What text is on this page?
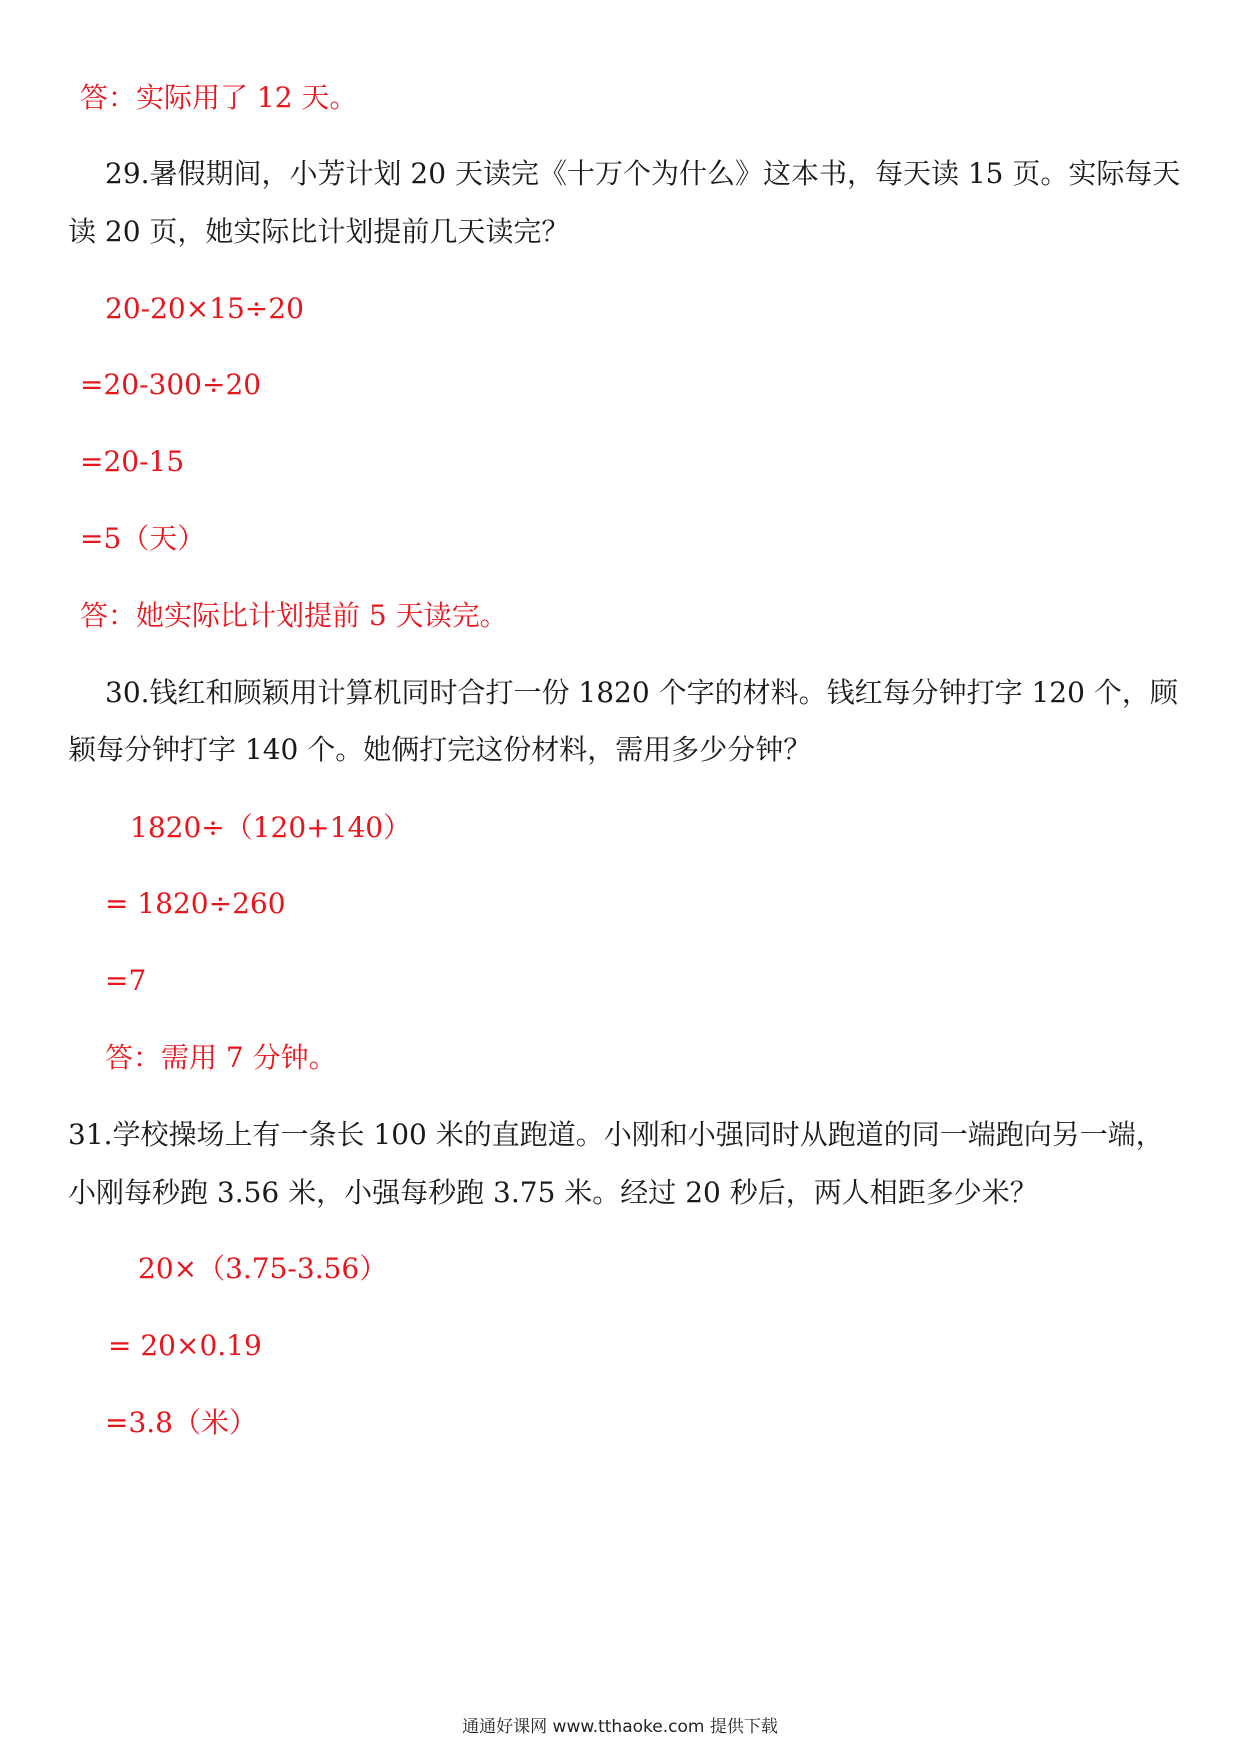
答：实际用了 12 天。
29.暑假期间，小芳计划 20 天读完《十万个为什么》这本书，每天读 15 页。实际每天
读 20 页，她实际比计划提前几天读完？
20-20×15÷20
=20-300÷20
=20-15
=5（天）
答：她实际比计划提前 5 天读完。
30.钱红和顾颖用计算机同时合打一份 1820 个字的材料。钱红每分钟打字 120 个，顾
颖每分钟打字 140 个。她俩打完这份材料，需用多少分钟？
1820÷（120+140）
= 1820÷260
=7
答：需用 7 分钟。
31.学校操场上有一条长 100 米的直跑道。小刚和小强同时从跑道的同一端跑向另一端，
小刚每秒跑 3.56 米，小强每秒跑 3.75 米。经过 20 秒后，两人相距多少米？
20×（3.75-3.56）
= 20×0.19
=3.8（米）
通通好课网 www.tthaoke.com 提供下载
